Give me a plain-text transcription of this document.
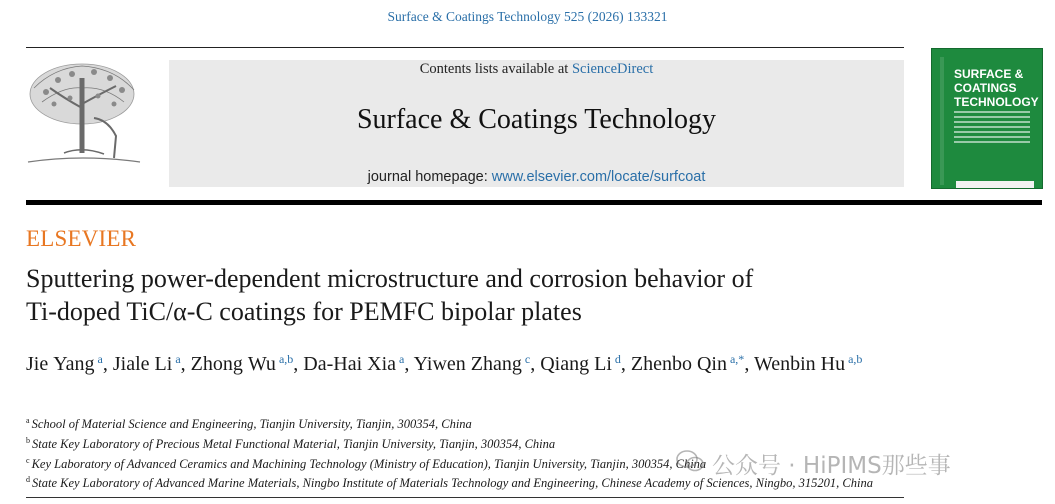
Surface & Coatings Technology 525 (2026) 133321
ELSEVIER
Contents lists available at ScienceDirect
Surface & Coatings Technology
journal homepage: www.elsevier.com/locate/surfcoat
SURFACE & COATINGS TECHNOLOGY
Sputtering power-dependent microstructure and corrosion behavior of
Ti-doped TiC/α-C coatings for PEMFC bipolar plates
Jie Yang $^a$, Jiale Li $^a$, Zhong Wu $^{a,b}$, Da-Hai Xia $^a$, Yiwen Zhang $^c$, Qiang Li $^d$, Zhenbo Qin $^{a,*}$, Wenbin Hu $^{a,b}$
$^a$ School of Material Science and Engineering, Tianjin University, Tianjin, 300354, China
$^b$ State Key Laboratory of Precious Metal Functional Material, Tianjin University, Tianjin, 300354, China
$^c$ Key Laboratory of Advanced Ceramics and Machining Technology (Ministry of Education), Tianjin University, Tianjin, 300354, China
$^d$ State Key Laboratory of Advanced Marine Materials, Ningbo Institute of Materials Technology and Engineering, Chinese Academy of Sciences, Ningbo, 315201, China
公众号 · HiPIMS那些事
